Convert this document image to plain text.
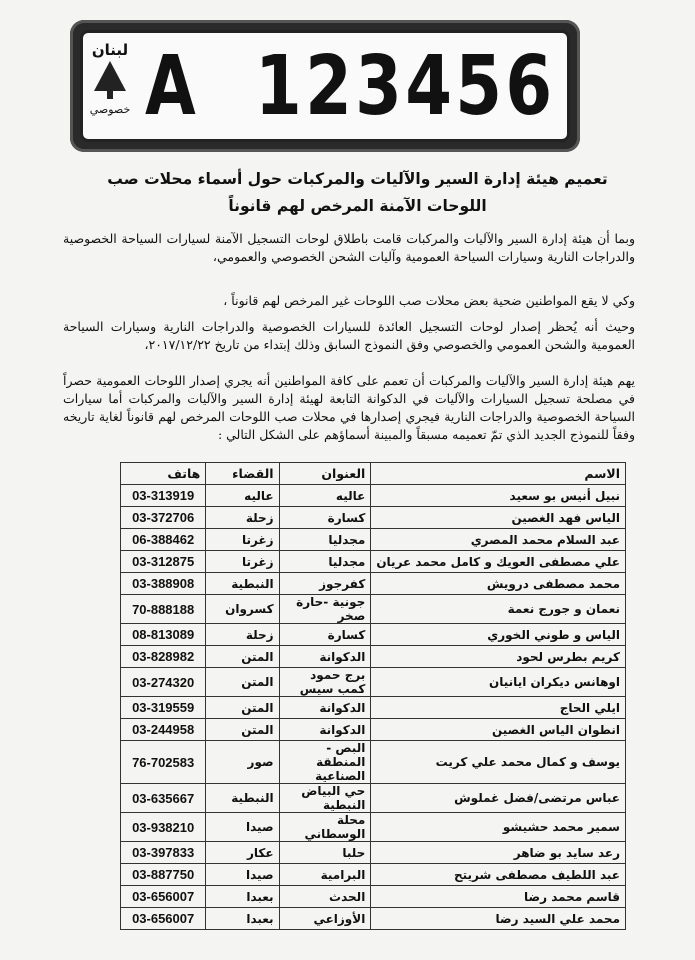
لبنان
خصوصي A 123456
تعميم هيئة إدارة السير والآليات والمركبات حول أسماء محلات صب اللوحات الآمنة المرخص لهم قانوناً
وبما أن هيئة إدارة السير والآليات والمركبات قامت باطلاق لوحات التسجيل الآمنة لسيارات السياحة الخصوصية والدراجات النارية وسيارات السياحة العمومية وآليات الشحن الخصوصي والعمومي،
وكي لا يقع المواطنين ضحية بعض محلات صب اللوحات غير المرخص لهم قانوناً ،
وحيث أنه يُحظر إصدار لوحات التسجيل العائدة للسيارات الخصوصية والدراجات النارية وسيارات السياحة العمومية والشحن العمومي والخصوصي وفق النموذج السابق وذلك إبتداء من تاريخ ٢٠١٧/١٢/٢٢،
يهم هيئة إدارة السير والآليات والمركبات أن تعمم على كافة المواطنين أنه يجري إصدار اللوحات العمومية حصراً في مصلحة تسجيل السيارات والآليات في الدكوانة التابعة لهيئة إدارة السير والآليات والمركبات أما سيارات السياحة الخصوصية والدراجات النارية فيجري إصدارها في محلات صب اللوحات المرخص لهم قانوناً لغاية تاريخه وفقاً للنموذج الجديد الذي تمّ تعميمه مسبقاً والمبينة أسماؤهم على الشكل التالي :
الاسم	العنوان	القضاء	هاتف
نبيل أنيس بو سعيد	عاليه	عاليه	03-313919
الياس فهد الغصين	كسارة	زحلة	03-372706
عبد السلام محمد المصري	مجدليا	زغرتا	06-388462
علي مصطفى العويك و كامل محمد عريان	مجدليا	زغرتا	03-312875
محمد مصطفى درويش	كفرجوز	النبطية	03-388908
نعمان و جورج نعمة	جونية -حارة صخر	كسروان	70-888188
الياس و طوني الخوري	كسارة	زحلة	08-813089
كريم بطرس لحود	الدكوانة	المتن	03-828982
اوهانس ديكران ايانيان	برج حمود كمب سيس	المتن	03-274320
ايلي الحاج	الدكوانة	المتن	03-319559
انطوان الياس الغصين	الدكوانة	المتن	03-244958
يوسف و كمال محمد علي كريت	البص - المنطقة الصناعية	صور	76-702583
عباس مرتضى/فضل غملوش	حي البياض النبطية	النبطية	03-635667
سمير محمد حشيشو	محلة الوسطاني	صيدا	03-938210
رعد سايد بو ضاهر	حلبا	عكار	03-397833
عبد اللطيف مصطفى شريتح	البرامية	صيدا	03-887750
قاسم محمد رضا	الحدث	بعبدا	03-656007
محمد علي السيد رضا	الأوزاعي	بعبدا	03-656007
